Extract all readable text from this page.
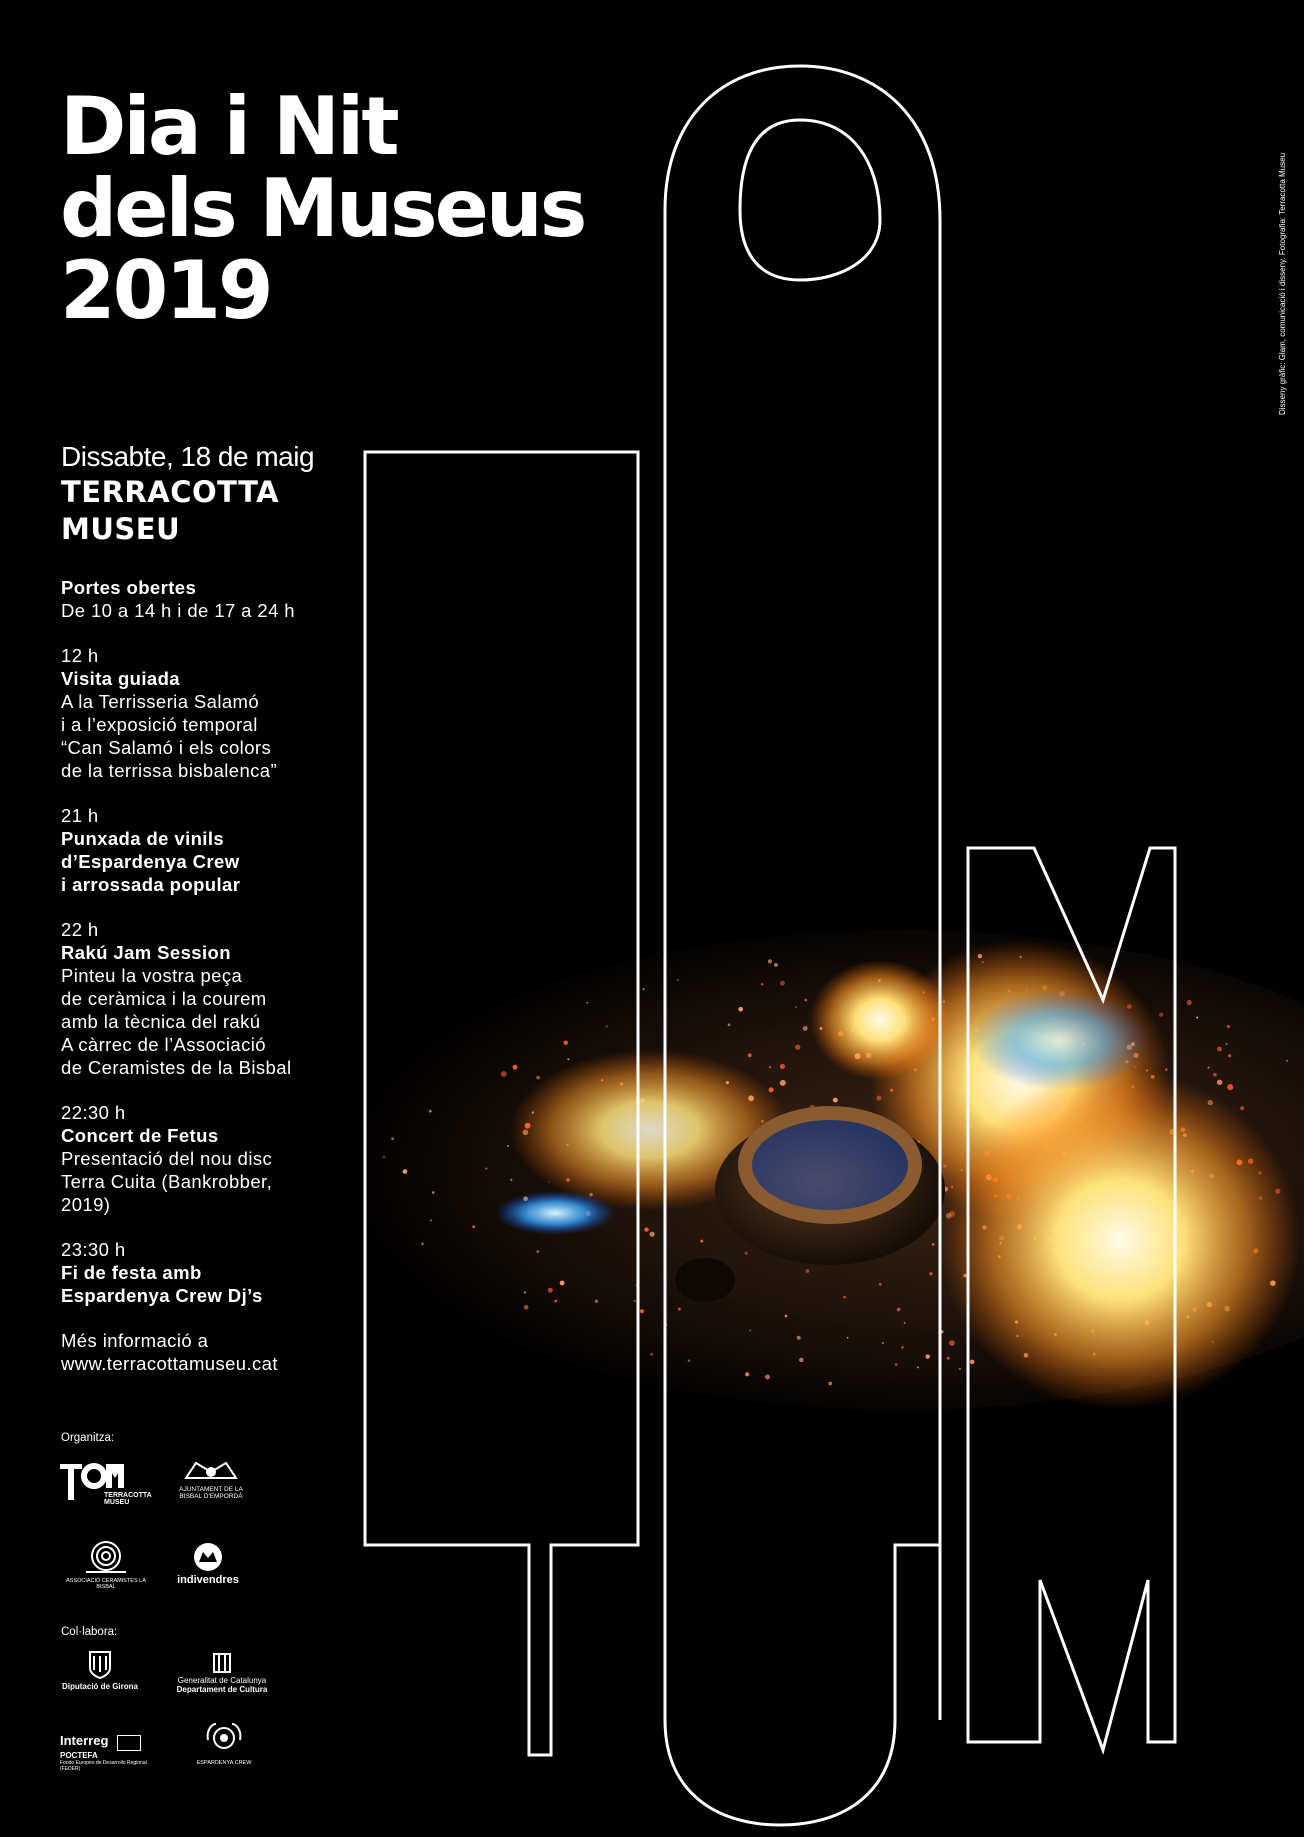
Dia i Nit
dels Museus
2019
Dissabte, 18 de maig
TERRACOTTA
MUSEU
Portes obertes
De 10 a 14 h i de 17 a 24 h
12 h
Visita guiada
A la Terrisseria Salamó
i a l’exposició temporal
“Can Salamó i els colors
de la terrissa bisbalenca”
21 h
Punxada de vinils
d’Espardenya Crew
i arrossada popular
22 h
Rakú Jam Session
Pinteu la vostra peça
de ceràmica i la courem
amb la tècnica del rakú
A càrrec de l’Associació
de Ceramistes de la Bisbal
22:30 h
Concert de Fetus
Presentació del nou disc
Terra Cuita (Bankrobber,
2019)
23:30 h
Fi de festa amb
Espardenya Crew Dj’s
Més informació a
www.terracottamuseu.cat
Organitza:
TERRACOTTA MUSEU
AJUNTAMENT DE LA BISBAL D'EMPORDÀ
ASSOCIACIÓ CERAMISTES LA BISBAL
indivendres
Col·labora:
Diputació de Girona
Generalitat de Catalunya
Departament de Cultura
Interreg
POCTEFA
Fondo Europeo de Desarrollo Regional (FEDER)
ESPARDENYA CREW
Disseny gràfic: Glam, comunicació i disseny. Fotografia: Terracotta Museu
